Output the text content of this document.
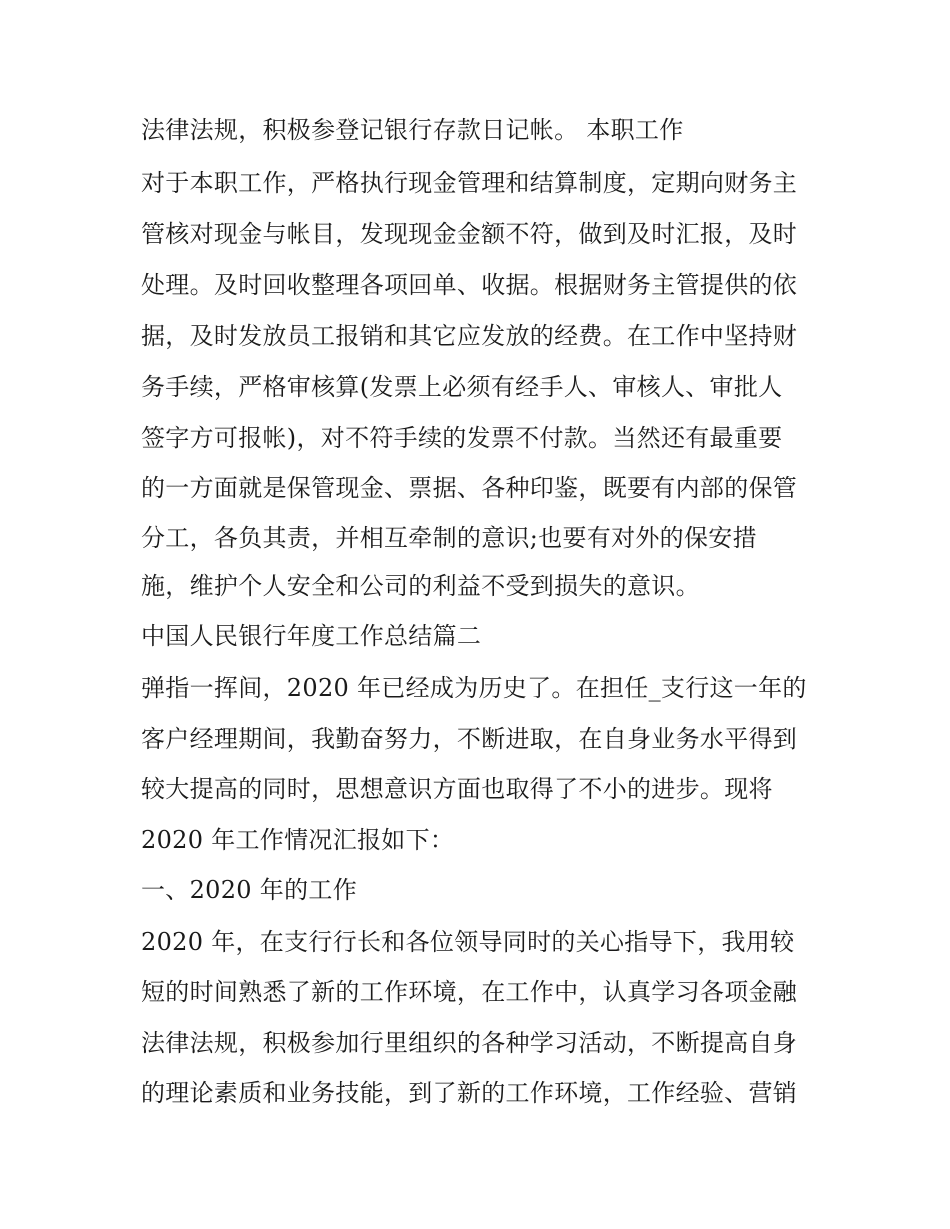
法律法规，积极参登记银行存款日记帐。 本职工作

对于本职工作，严格执行现金管理和结算制度，定期向财务主

管核对现金与帐目，发现现金金额不符，做到及时汇报，及时

处理。及时回收整理各项回单、收据。根据财务主管提供的依

据，及时发放员工报销和其它应发放的经费。在工作中坚持财

务手续，严格审核算(发票上必须有经手人、审核人、审批人

签字方可报帐)，对不符手续的发票不付款。当然还有最重要

的一方面就是保管现金、票据、各种印鉴，既要有内部的保管

分工，各负其责，并相互牵制的意识;也要有对外的保安措

施，维护个人安全和公司的利益不受到损失的意识。

中国人民银行年度工作总结篇二

弹指一挥间，2020 年已经成为历史了。在担任_支行这一年的

客户经理期间，我勤奋努力，不断进取，在自身业务水平得到

较大提高的同时，思想意识方面也取得了不小的进步。现将

2020 年工作情况汇报如下：

一、2020 年的工作

2020 年，在支行行长和各位领导同时的关心指导下，我用较

短的时间熟悉了新的工作环境，在工作中，认真学习各项金融

法律法规，积极参加行里组织的各种学习活动，不断提高自身

的理论素质和业务技能，到了新的工作环境，工作经验、营销
